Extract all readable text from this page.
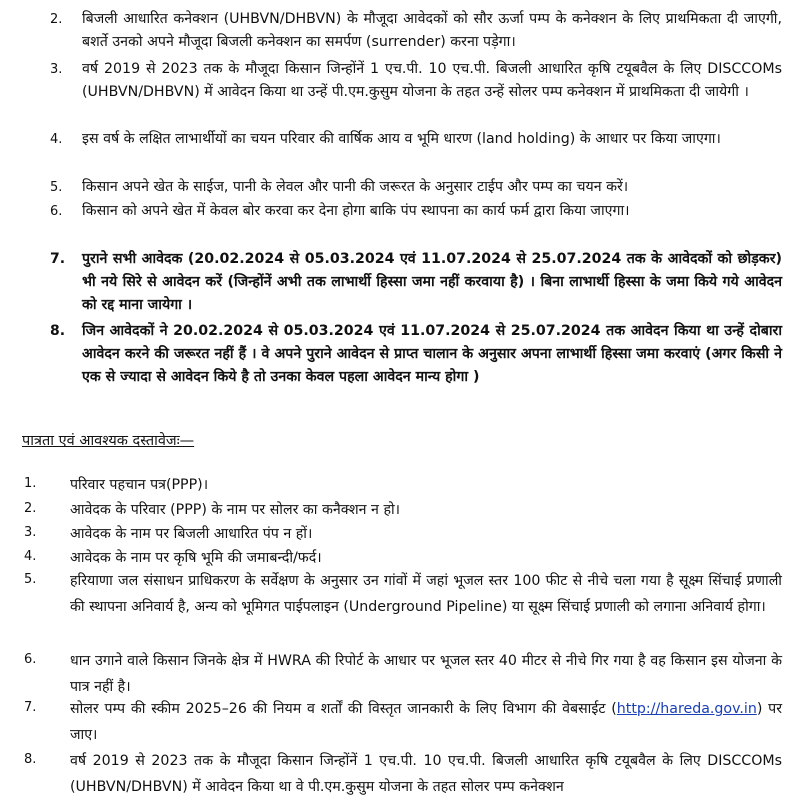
2. बिजली आधारित कनेक्शन (UHBVN/DHBVN) के मौजूदा आवेदकों को सौर ऊर्जा पम्प के कनेक्शन के लिए प्राथमिकता दी जाएगी, बशर्ते उनको अपने मौजूदा बिजली कनेक्शन का समर्पण (surrender) करना पड़ेगा।
3. वर्ष 2019 से 2023 तक के मौजूदा किसान जिन्होंनें 1 एच.पी. 10 एच.पी. बिजली आधारित कृषि टयूबवैल के लिए DISCCOMs (UHBVN/DHBVN) में आवेदन किया था उन्हें पी.एम.कुसुम योजना के तहत उन्हें सोलर पम्प कनेक्शन में प्राथमिकता दी जायेगी ।
4. इस वर्ष के लक्षित लाभार्थीयों का चयन परिवार की वार्षिक आय व भूमि धारण (land holding) के आधार पर किया जाएगा।
5. किसान अपने खेत के साईज, पानी के लेवल और पानी की जरूरत के अनुसार टाईप और पम्प का चयन करें।
6. किसान को अपने खेत में केवल बोर करवा कर देना होगा बाकि पंप स्थापना का कार्य फर्म द्वारा किया जाएगा।
7. पुराने सभी आवेदक (20.02.2024 से 05.03.2024 एवं 11.07.2024 से 25.07.2024 तक के आवेदकों को छोड़कर) भी नये सिरे से आवेदन करें (जिन्होंनें अभी तक लाभार्थी हिस्सा जमा नहीं करवाया है) । बिना लाभार्थी हिस्सा के जमा किये गये आवेदन को रद्द माना जायेगा ।
8. जिन आवेदकों ने 20.02.2024 से 05.03.2024 एवं 11.07.2024 से 25.07.2024 तक आवेदन किया था उन्हें दोबारा आवेदन करने की जरूरत नहीं हैं । वे अपने पुराने आवेदन से प्राप्त चालान के अनुसार अपना लाभार्थी हिस्सा जमा करवाएं (अगर किसी ने एक से ज्यादा से आवेदन किये है तो उनका केवल पहला आवेदन मान्य होगा )
पात्रता एवं आवश्यक दस्तावेजः—
1. परिवार पहचान पत्र(PPP)।
2. आवेदक के परिवार (PPP) के नाम पर सोलर का कनैक्शन न हो।
3. आवेदक के नाम पर बिजली आधारित पंप न हों।
4. आवेदक के नाम पर कृषि भूमि की जमाबन्दी/फर्द।
5. हरियाणा जल संसाधन प्राधिकरण के सर्वेक्षण के अनुसार उन गांवों में जहां भूजल स्तर 100 फीट से नीचे चला गया है सूक्ष्म सिंचाई प्रणाली की स्थापना अनिवार्य है, अन्य को भूमिगत पाईपलाइन (Underground Pipeline) या सूक्ष्म सिंचाई प्रणाली को लगाना अनिवार्य होगा।
6. धान उगाने वाले किसान जिनके क्षेत्र में HWRA की रिपोर्ट के आधार पर भूजल स्तर 40 मीटर से नीचे गिर गया है वह किसान इस योजना के पात्र नहीं है।
7. सोलर पम्प की स्कीम 2025–26 की नियम व शर्तों की विस्तृत जानकारी के लिए विभाग की वेबसाईट (http://hareda.gov.in) पर जाए।
8. वर्ष 2019 से 2023 तक के मौजूदा किसान जिन्होंनें 1 एच.पी. 10 एच.पी. बिजली आधारित कृषि टयूबवैल के लिए DISCCOMs (UHBVN/DHBVN) में आवेदन किया था वे पी.एम.कुसुम योजना के तहत सोलर पम्प कनेक्शन
